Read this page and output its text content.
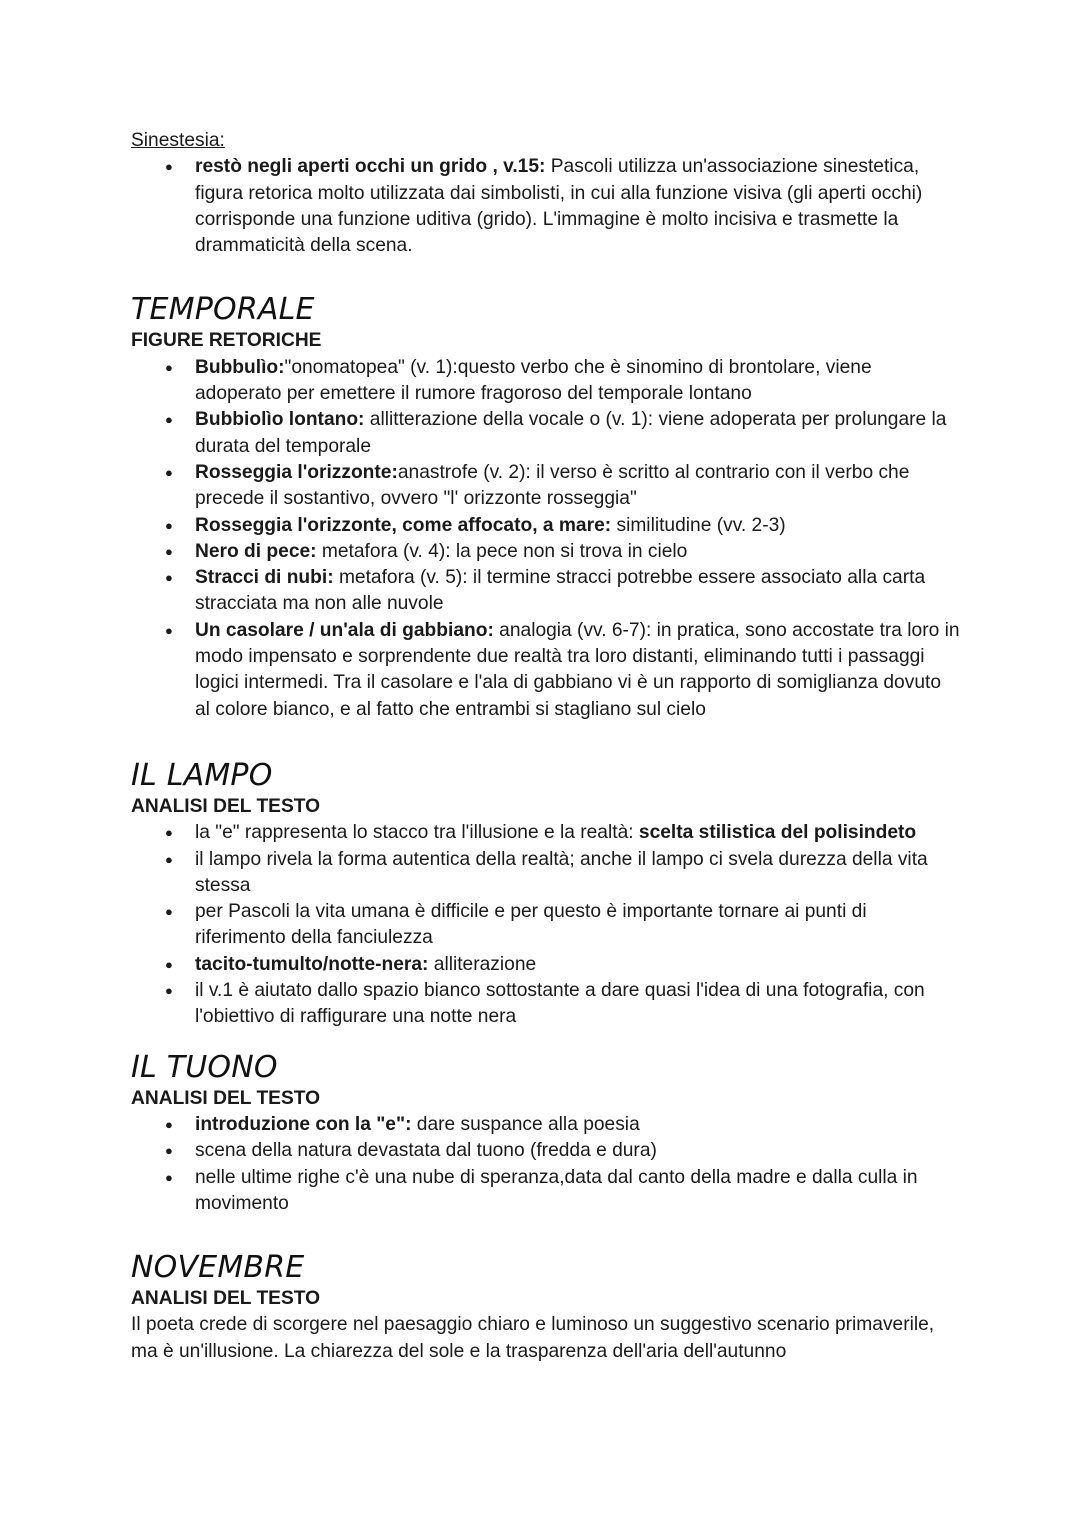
Sinestesia:

● restò negli aperti occhi un grido , v.15: Pascoli utilizza un'associazione sinestetica, figura retorica molto utilizzata dai simbolisti, in cui alla funzione visiva (gli aperti occhi) corrisponde una funzione uditiva (grido). L'immagine è molto incisiva e trasmette la drammaticità della scena.
TEMPORALE

FIGURE RETORICHE

● Bubbulìo:"onomatopea" (v. 1):questo verbo che è sinomino di brontolare, viene adoperato per emettere il rumore fragoroso del temporale lontano
● Bubbiolìo lontano: allitterazione della vocale o (v. 1): viene adoperata per prolungare la durata del temporale
● Rosseggia l'orizzonte:anastrofe (v. 2): il verso è scritto al contrario con il verbo che precede il sostantivo, ovvero "l' orizzonte rosseggia"
● Rosseggia l'orizzonte, come affocato, a mare: similitudine (vv. 2-3)
● Nero di pece: metafora (v. 4): la pece non si trova in cielo
● Stracci di nubi: metafora (v. 5): il termine stracci potrebbe essere associato alla carta stracciata ma non alle nuvole
● Un casolare / un'ala di gabbiano: analogia (vv. 6-7): in pratica, sono accostate tra loro in modo impensato e sorprendente due realtà tra loro distanti, eliminando tutti i passaggi logici intermedi. Tra il casolare e l'ala di gabbiano vi è un rapporto di somiglianza dovuto al colore bianco, e al fatto che entrambi si stagliano sul cielo
IL LAMPO

ANALISI DEL TESTO

● la "e" rappresenta lo stacco tra l'illusione e la realtà: scelta stilistica del polisindeto
● il lampo rivela la forma autentica della realtà; anche il lampo ci svela durezza della vita stessa
● per Pascoli la vita umana è difficile e per questo è importante tornare ai punti di riferimento della fanciulezza
● tacito-tumulto/notte-nera: alliterazione
● il v.1 è aiutato dallo spazio bianco sottostante a dare quasi l'idea di una fotografia, con l'obiettivo di raffigurare una notte nera
IL TUONO

ANALISI DEL TESTO

● introduzione con la "e": dare suspance alla poesia
● scena della natura devastata dal tuono (fredda e dura)
● nelle ultime righe c'è una nube di speranza,data dal canto della madre e dalla culla in movimento
NOVEMBRE

ANALISI DEL TESTO

Il poeta crede di scorgere nel paesaggio chiaro e luminoso un suggestivo scenario primaverile, ma è un'illusione. La chiarezza del sole e la trasparenza dell'aria dell'autunno
